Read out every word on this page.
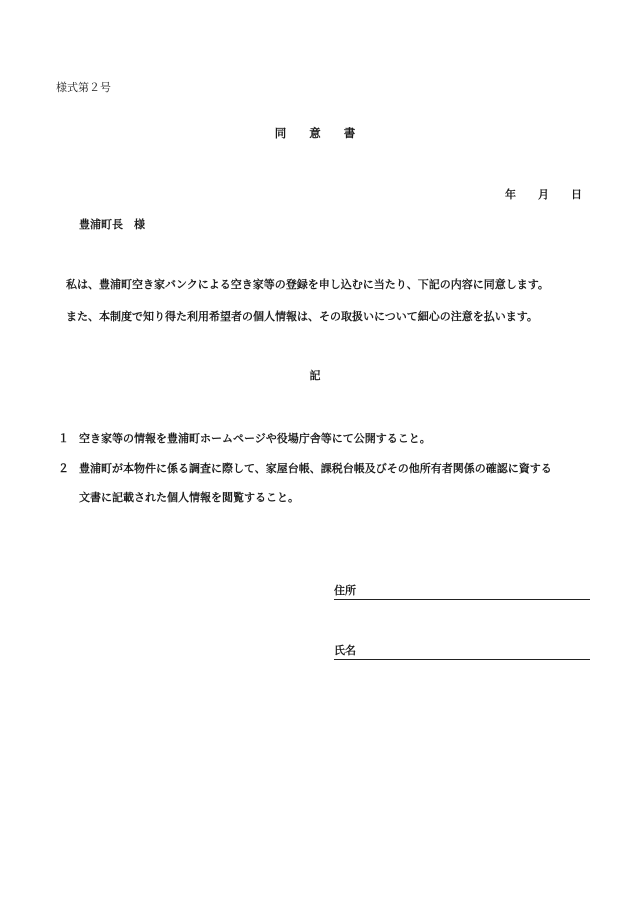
様式第２号
同　　意　　書
年　　月　　日
豊浦町長　様
私は、豊浦町空き家バンクによる空き家等の登録を申し込むに当たり、下記の内容に同意します。
また、本制度で知り得た利用希望者の個人情報は、その取扱いについて細心の注意を払います。
記
１ 空き家等の情報を豊浦町ホームページや役場庁舎等にて公開すること。
２ 豊浦町が本物件に係る調査に際して、家屋台帳、課税台帳及びその他所有者関係の確認に資する
文書に記載された個人情報を閲覧すること。
住所
氏名
